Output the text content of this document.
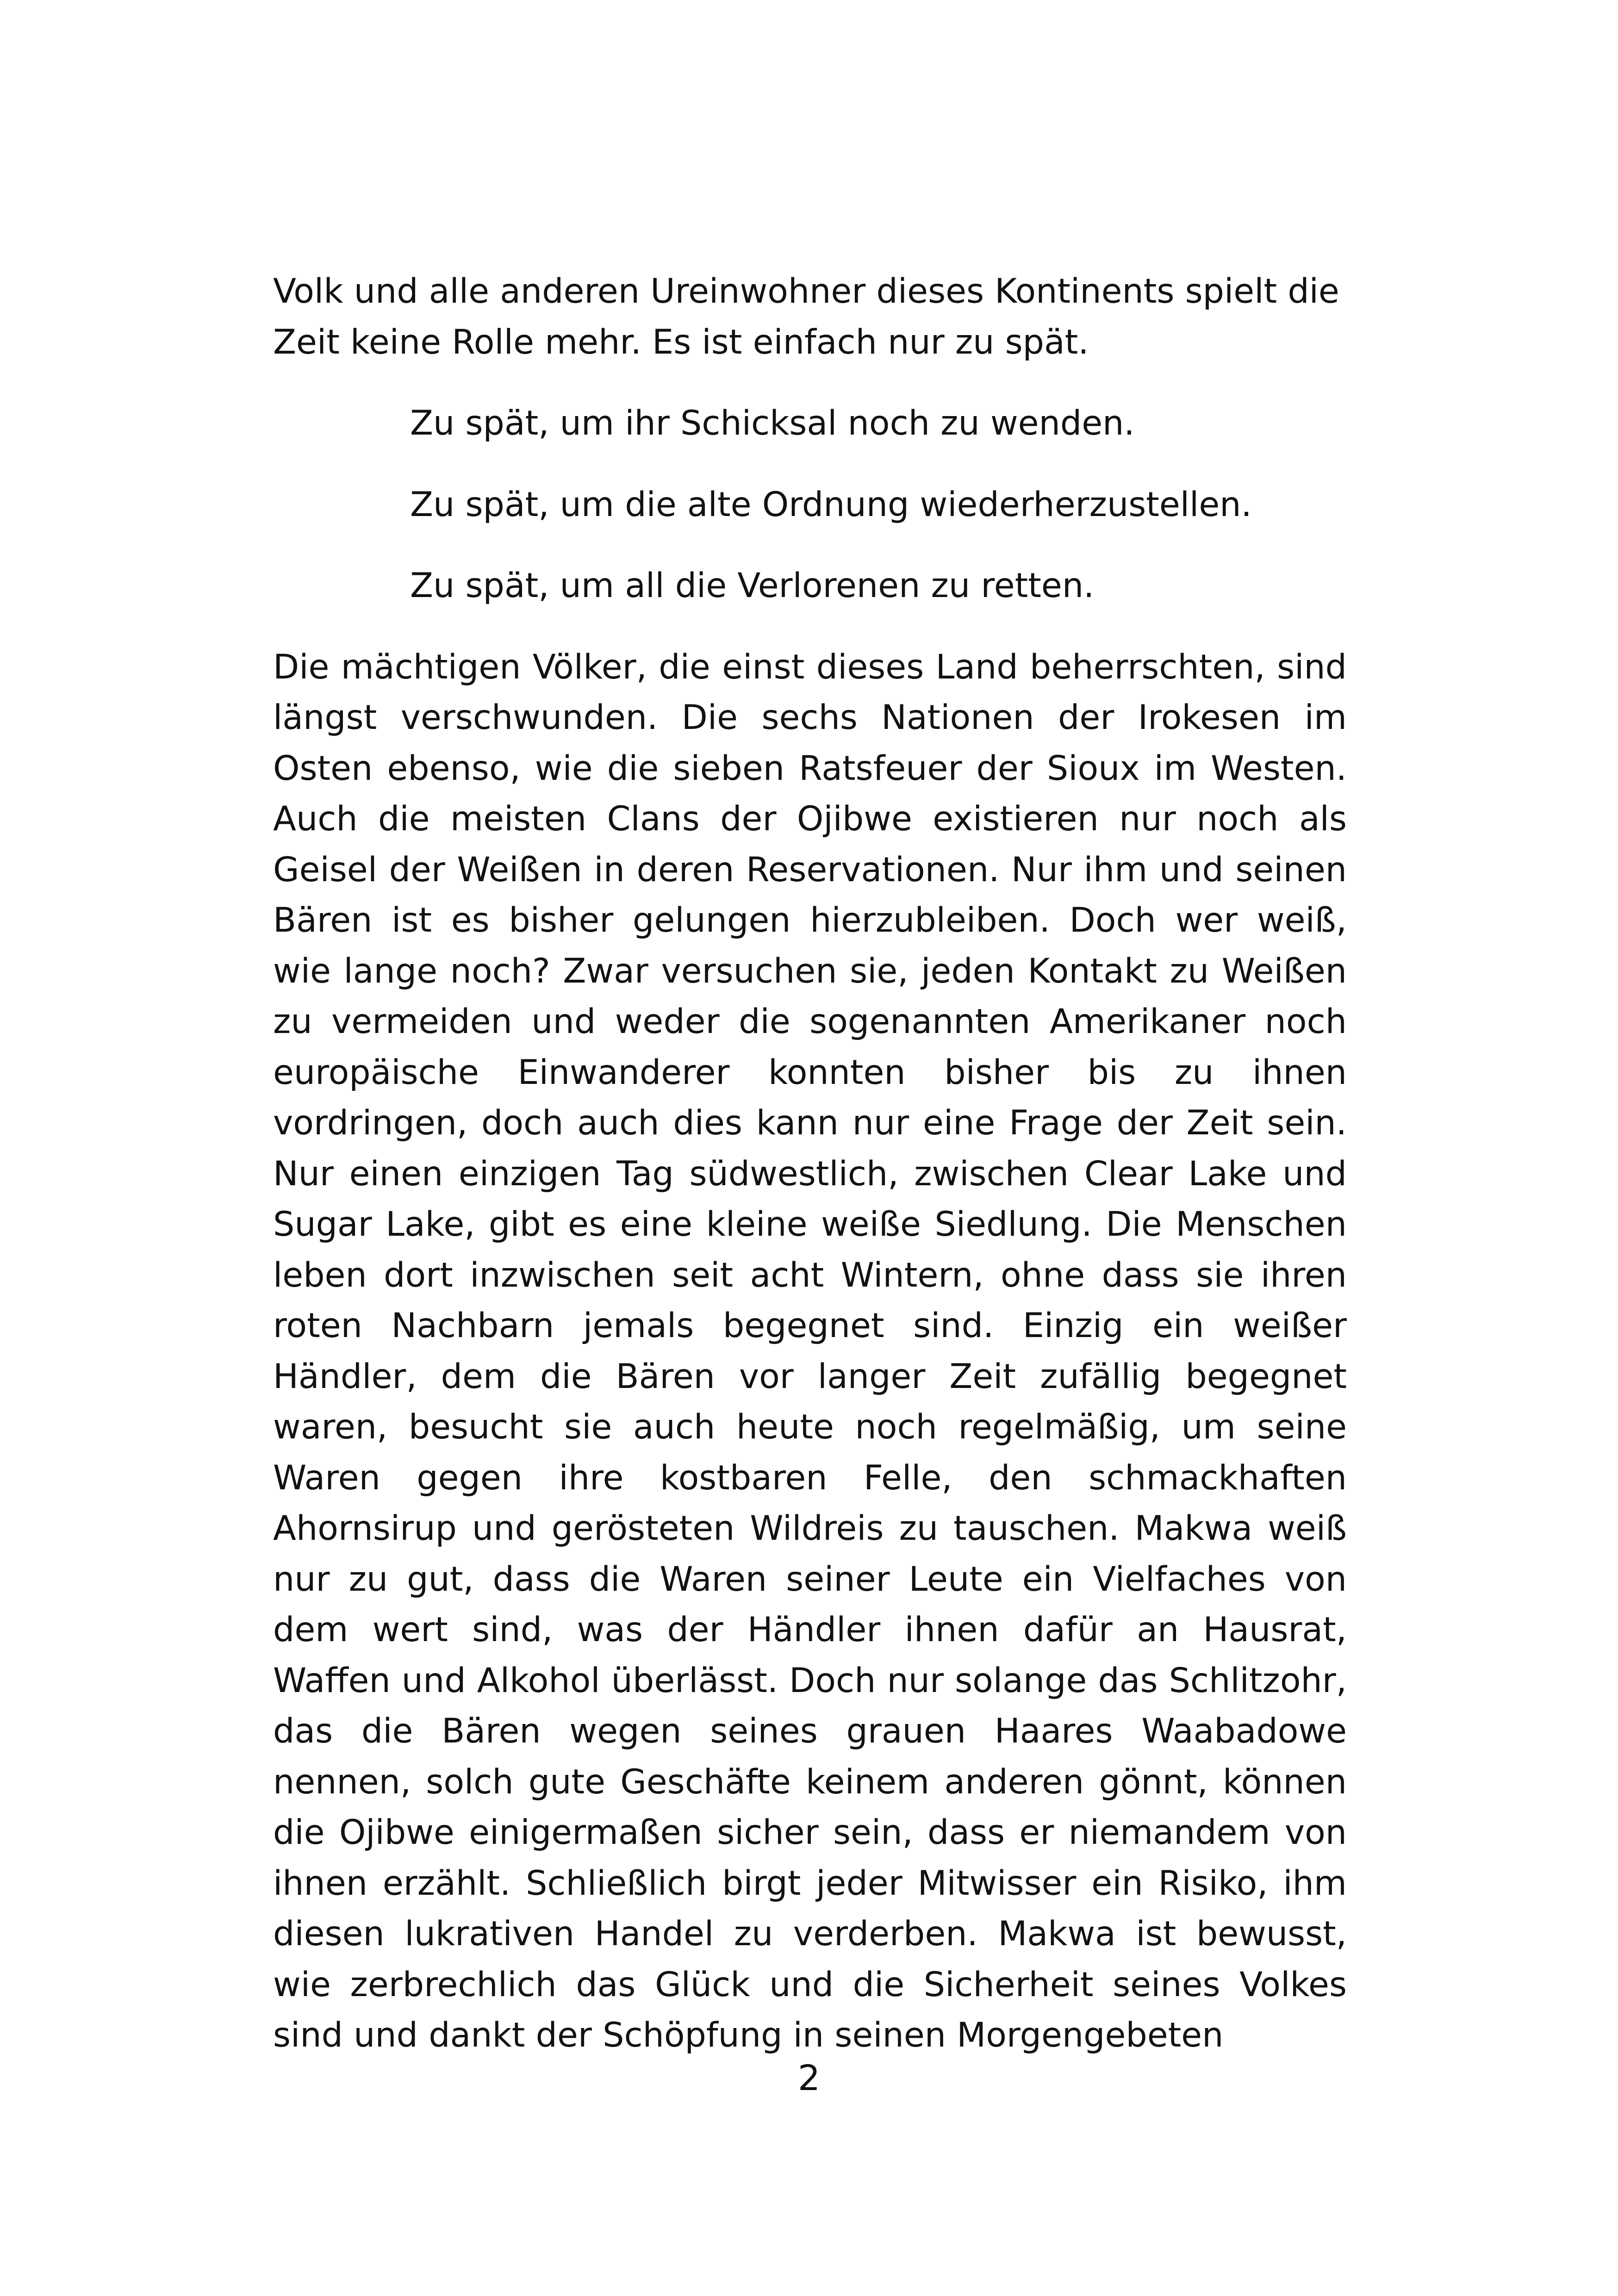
Volk und alle anderen Ureinwohner dieses Kontinents spielt die Zeit keine Rolle mehr. Es ist einfach nur zu spät.

Zu spät, um ihr Schicksal noch zu wenden.

Zu spät, um die alte Ordnung wiederherzustellen.

Zu spät, um all die Verlorenen zu retten.

Die mächtigen Völker, die einst dieses Land beherrschten, sind längst verschwunden. Die sechs Nationen der Irokesen im Osten ebenso, wie die sieben Ratsfeuer der Sioux im Westen. Auch die meisten Clans der Ojibwe existieren nur noch als Geisel der Weißen in deren Reservationen. Nur ihm und seinen Bären ist es bisher gelungen hierzubleiben. Doch wer weiß, wie lange noch? Zwar versuchen sie, jeden Kontakt zu Weißen zu vermeiden und weder die sogenannten Amerikaner noch europäische Einwanderer konnten bisher bis zu ihnen vordringen, doch auch dies kann nur eine Frage der Zeit sein. Nur einen einzigen Tag südwestlich, zwischen Clear Lake und Sugar Lake, gibt es eine kleine weiße Siedlung. Die Menschen leben dort inzwischen seit acht Wintern, ohne dass sie ihren roten Nachbarn jemals begegnet sind. Einzig ein weißer Händler, dem die Bären vor langer Zeit zufällig begegnet waren, besucht sie auch heute noch regelmäßig, um seine Waren gegen ihre kostbaren Felle, den schmackhaften Ahornsirup und gerösteten Wildreis zu tauschen. Makwa weiß nur zu gut, dass die Waren seiner Leute ein Vielfaches von dem wert sind, was der Händler ihnen dafür an Hausrat, Waffen und Alkohol überlässt. Doch nur solange das Schlitzohr, das die Bären wegen seines grauen Haares Waabadowe nennen, solch gute Geschäfte keinem anderen gönnt, können die Ojibwe einigermaßen sicher sein, dass er niemandem von ihnen erzählt. Schließlich birgt jeder Mitwisser ein Risiko, ihm diesen lukrativen Handel zu verderben. Makwa ist bewusst, wie zerbrechlich das Glück und die Sicherheit seines Volkes sind und dankt der Schöpfung in seinen Morgengebeten

2
